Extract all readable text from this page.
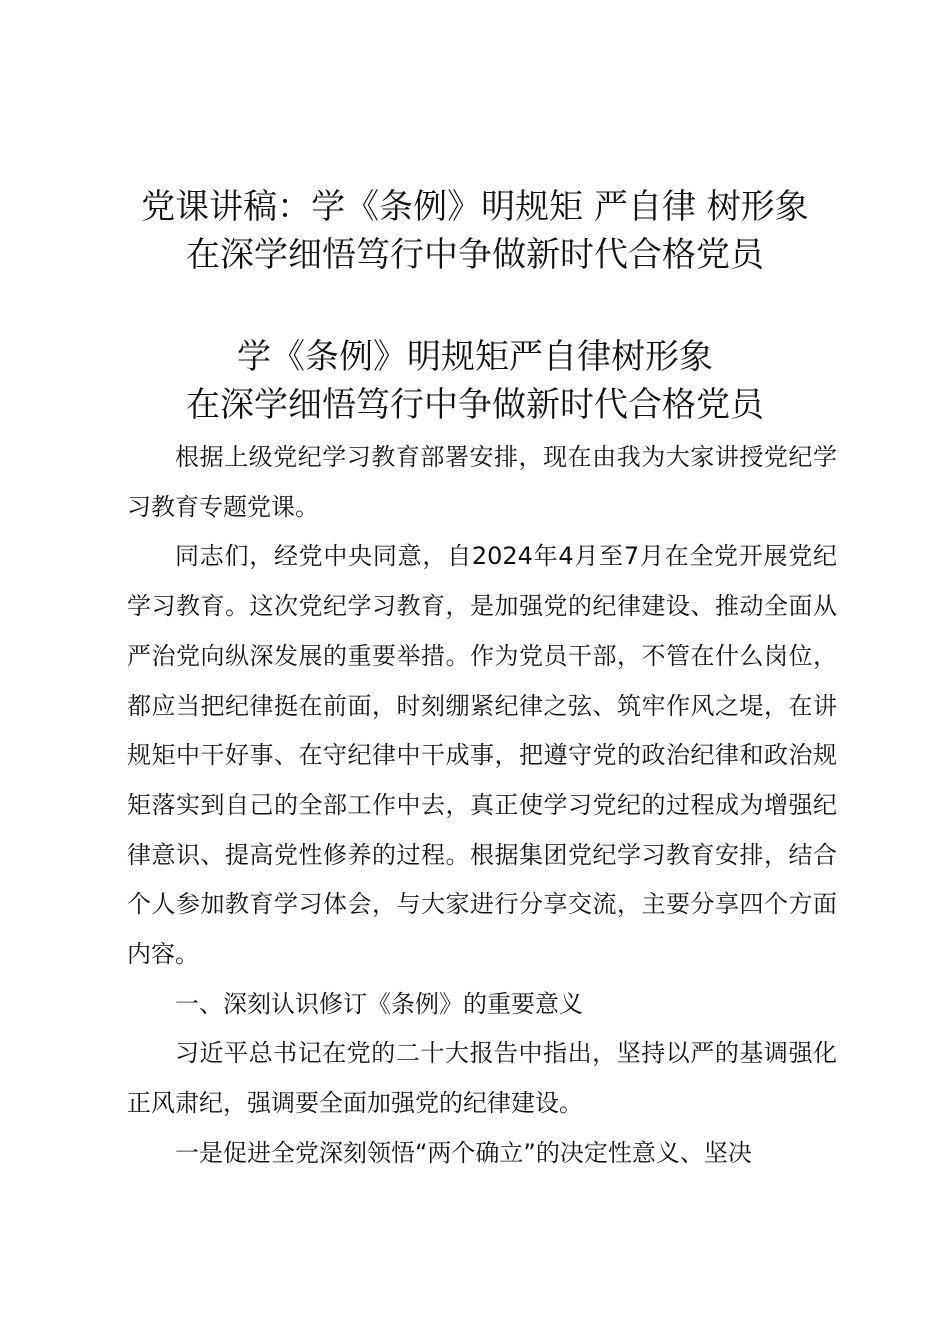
党课讲稿：学《条例》明规矩 严自律 树形象
在深学细悟笃行中争做新时代合格党员
学《条例》明规矩严自律树形象
在深学细悟笃行中争做新时代合格党员

根据上级党纪学习教育部署安排，现在由我为大家讲授党纪学习教育专题党课。

同志们，经党中央同意，自2024年4月至7月在全党开展党纪学习教育。这次党纪学习教育，是加强党的纪律建设、推动全面从严治党向纵深发展的重要举措。作为党员干部，不管在什么岗位，都应当把纪律挺在前面，时刻绷紧纪律之弦、筑牢作风之堤，在讲规矩中干好事、在守纪律中干成事，把遵守党的政治纪律和政治规矩落实到自己的全部工作中去，真正使学习党纪的过程成为增强纪律意识、提高党性修养的过程。根据集团党纪学习教育安排，结合个人参加教育学习体会，与大家进行分享交流，主要分享四个方面内容。

一、深刻认识修订《条例》的重要意义

习近平总书记在党的二十大报告中指出，坚持以严的基调强化正风肃纪，强调要全面加强党的纪律建设。

一是促进全党深刻领悟“两个确立”的决定性意义、坚决
